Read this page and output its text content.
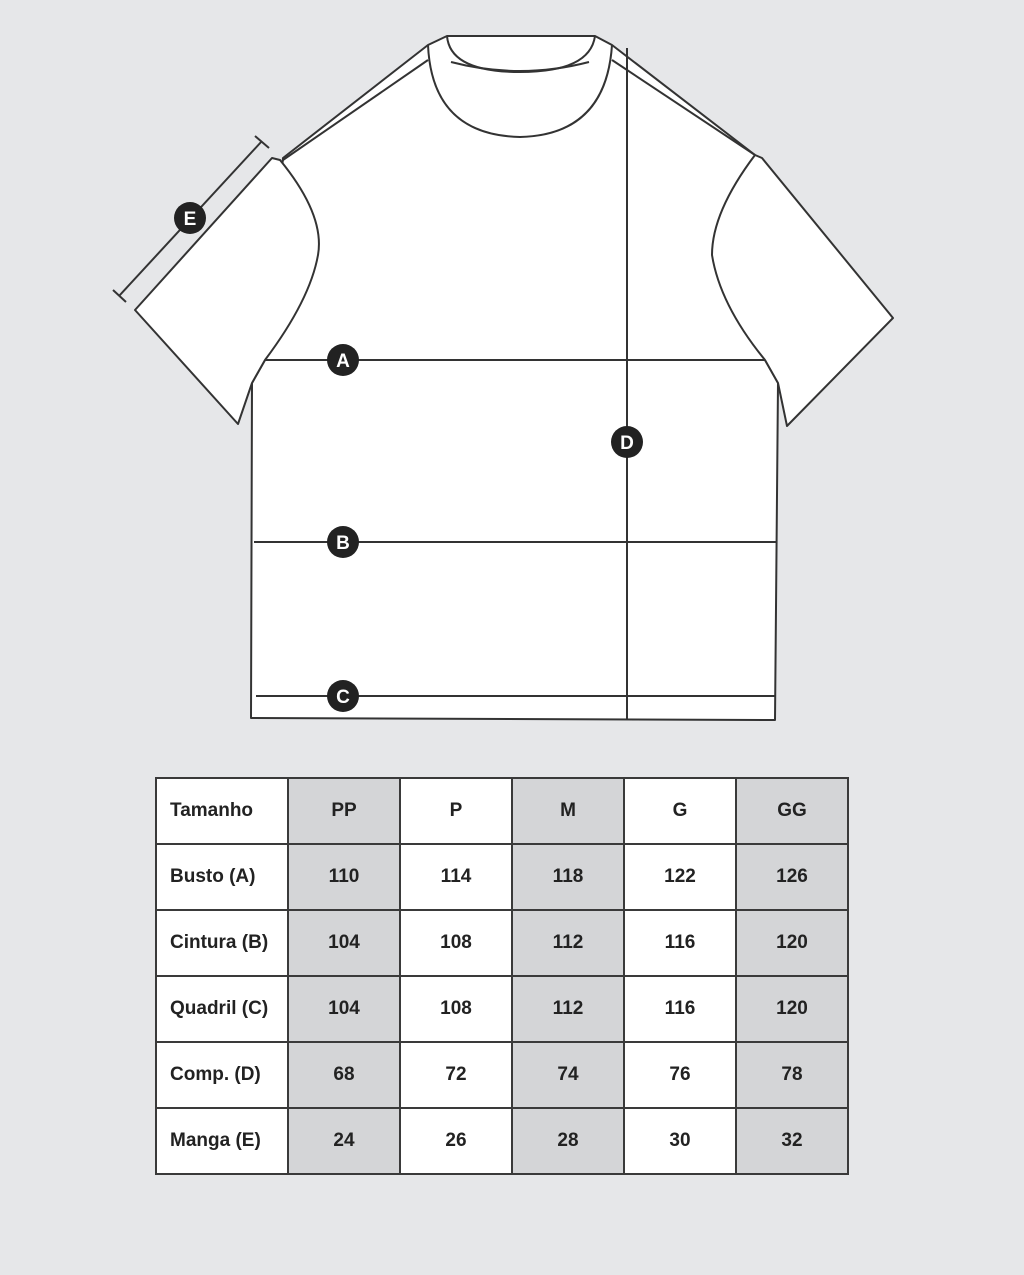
A
B
C
D
E
Tamanho	PP	P	M	G	GG
Busto (A)	110	114	118	122	126
Cintura (B)	104	108	112	116	120
Quadril (C)	104	108	112	116	120
Comp. (D)	68	72	74	76	78
Manga (E)	24	26	28	30	32
